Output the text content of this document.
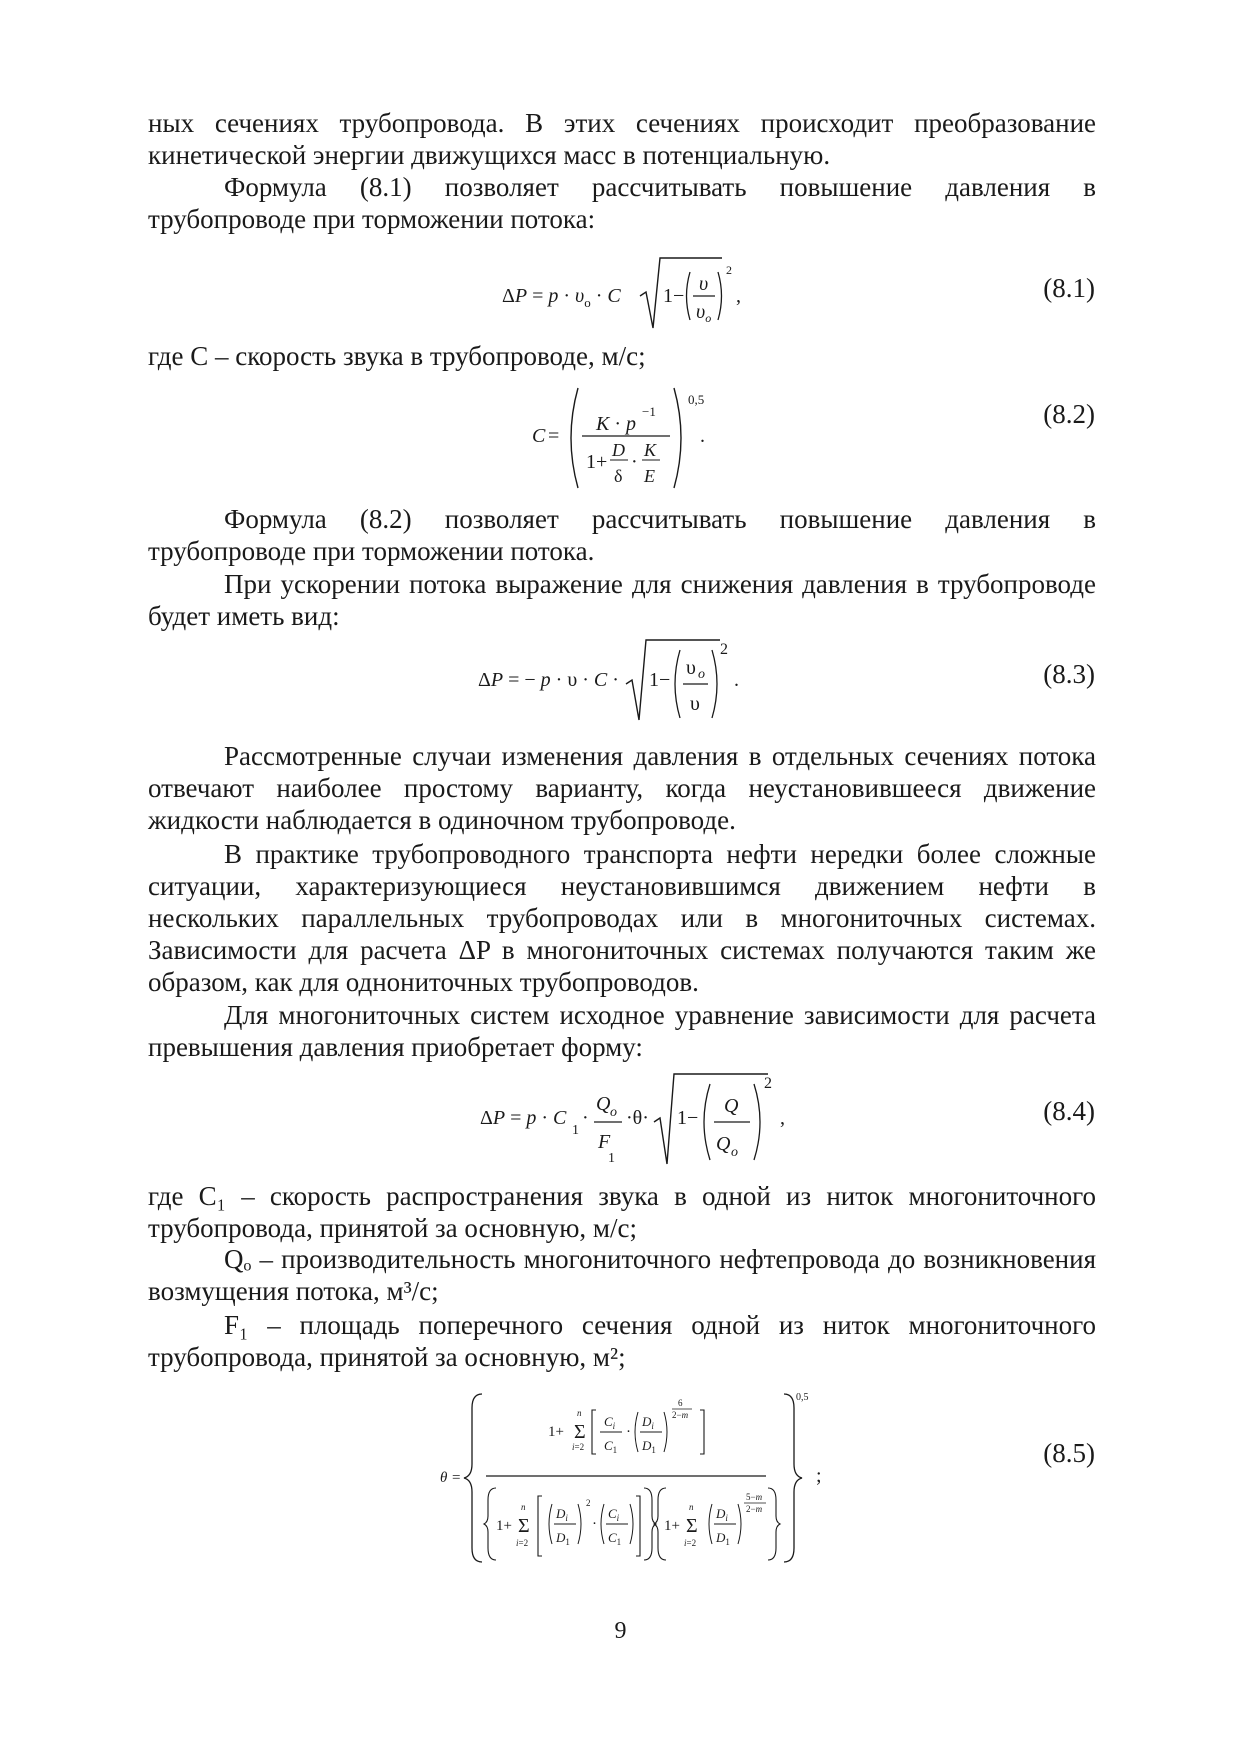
ных сечениях трубопровода. В этих сечениях происходит преобразование кинетической энергии движущихся масс в потенциальную.

Формула (8.1) позволяет рассчитывать повышение давления в трубопроводе при торможении потока:

$\Delta P = p \cdot \upsilon_o \cdot C$ 1−
υ
$\upsilon_o$
2
,	(8.1)

где C – скорость звука в трубопроводе, м/с;

C =
K · p
−1
1+
D
δ
·
K
E
0,5
.
(8.2)

Формула (8.2) позволяет рассчитывать повышение давления в трубопроводе при торможении потока.

При ускорении потока выражение для снижения давления в трубопроводе будет иметь вид:

ΔP = − p · υ · C · 1−
υ o
υ
2
.	(8.3)

Рассмотренные случаи изменения давления в отдельных сечениях потока отвечают наиболее простому варианту, когда неустановившееся движение жидкости наблюдается в одиночном трубопроводе.

В практике трубопроводного транспорта нефти нередки более сложные ситуации, характеризующиеся неустановившимся движением нефти в нескольких параллельных трубопроводах или в многониточных системах. Зависимости для расчета ΔP в многониточных системах получаются таким же образом, как для однониточных трубопроводов.

Для многониточных систем исходное уравнение зависимости для расчета превышения давления приобретает форму:

ΔP = p · C
1
·
Q o
F
1
·θ· 1−
Q
Q o
2
,	(8.4)

где C₁ – скорость распространения звука в одной из ниток многониточного трубопровода, принятой за основную, м/с;

Qₒ – производительность многониточного нефтепровода до возникновения возмущения потока, м³/с;

F₁ – площадь поперечного сечения одной из ниток многониточного трубопровода, принятой за основную, м²;

θ =
1+ Σ
n
i=2
$C_i$
$C_1$
·
$D_i$
$D_1$
6
2−m
1+ Σ
n
i=2
$D_i$
$D_1$
2
·
$C_i$
$C_1$
1+ Σ
n
i=2
$D_i$
$D_1$
5−m
2−m
0,5
;
(8.5)
9
